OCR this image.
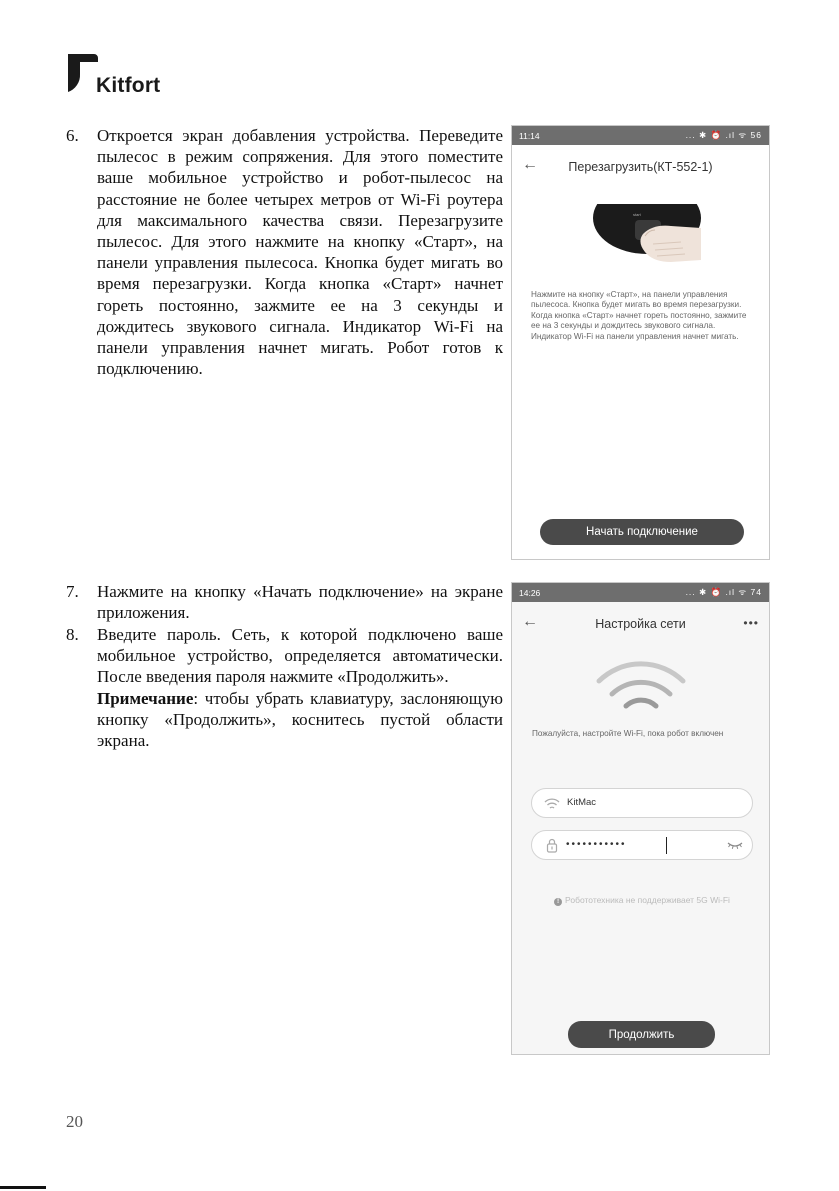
Kitfort
6. Откроется экран добавления устройства. Переведите пылесос в режим сопряжения. Для этого поместите ваше мобильное устройство и робот-пылесос на расстояние не более четырех метров от Wi-Fi роутера для максимального качества связи. Перезагрузите пылесос. Для этого нажмите на кнопку «Старт», на панели управления пылесоса. Кнопка будет мигать во время перезагрузки. Когда кнопка «Старт» начнет гореть постоянно, зажмите ее на 3 секунды и дождитесь звукового сигнала. Индикатор Wi-Fi на панели управления начнет мигать. Робот готов к подключению.
7. Нажмите на кнопку «Начать подключение» на экране приложения.
8. Введите пароль. Сеть, к которой подключено ваше мобильное устройство, определяется автоматически. После введения пароля нажмите «Продолжить».
Примечание: чтобы убрать клавиатуру, заслоняющую кнопку «Продолжить», коснитесь пустой области экрана.
11:14	... ✱ ⏰ .ıl ᯤ 56
←	Перезагрузить(КТ-552-1)
start
Нажмите на кнопку «Старт», на панели управления пылесоса. Кнопка будет мигать во время перезагрузки. Когда кнопка «Старт» начнет гореть постоянно, зажмите ее на 3 секунды и дождитесь звукового сигнала. Индикатор Wi-Fi на панели управления начнет мигать.
Начать подключение
14:26	... ✱ ⏰ .ıl ᯤ 74
←	Настройка сети	•••
Пожалуйста, настройте Wi-Fi, пока робот включен
KitMac
•••••••••••
! Робототехника не поддерживает 5G Wi-Fi
Продолжить
20
